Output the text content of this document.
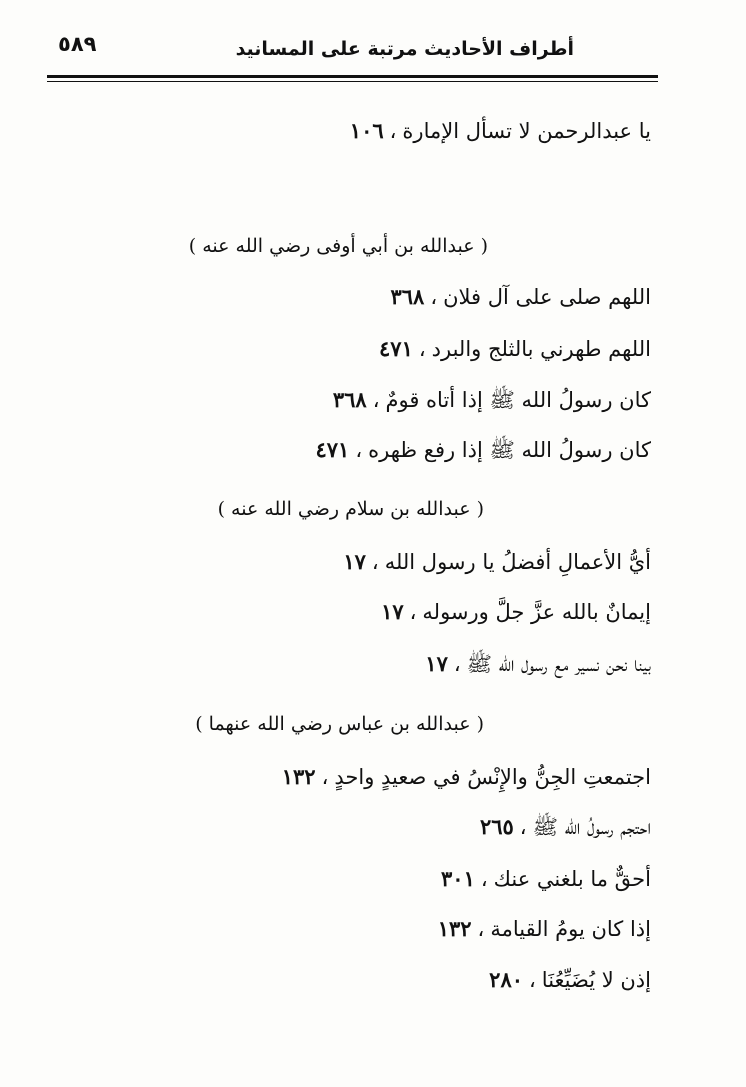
٥٨٩	أطراف الأحاديث مرتبة على المسانيد
يا عبدالرحمن لا تسأل الإمارة،١٠٦
( عبدالله بن أبي أوفى رضي الله عنه )
اللهم صلى على آل فلان،٣٦٨
اللهم طهرني بالثلج والبرد،٤٧١
كان رسولُ الله ﷺ إذا أتاه قومٌ،٣٦٨
كان رسولُ الله ﷺ إذا رفع ظهره،٤٧١
( عبدالله بن سلام رضي الله عنه )
أيُّ الأعمالِ أفضلُ يا رسول الله،١٧
إيمانٌ بالله عزَّ جلَّ ورسوله،١٧
بينا نحن نسير مع رسول الله ﷺ،١٧
( عبدالله بن عباس رضي الله عنهما )
اجتمعتِ الجِنُّ والإِنْسُ في صعيدٍ واحدٍ،١٣٢
احتجم رسولُ الله ﷺ،٢٦٥
أحقٌّ ما بلغني عنك،٣٠١
إذا كان يومُ القيامة،١٣٢
إذن لا يُضَيِّعُنَا،٢٨٠
